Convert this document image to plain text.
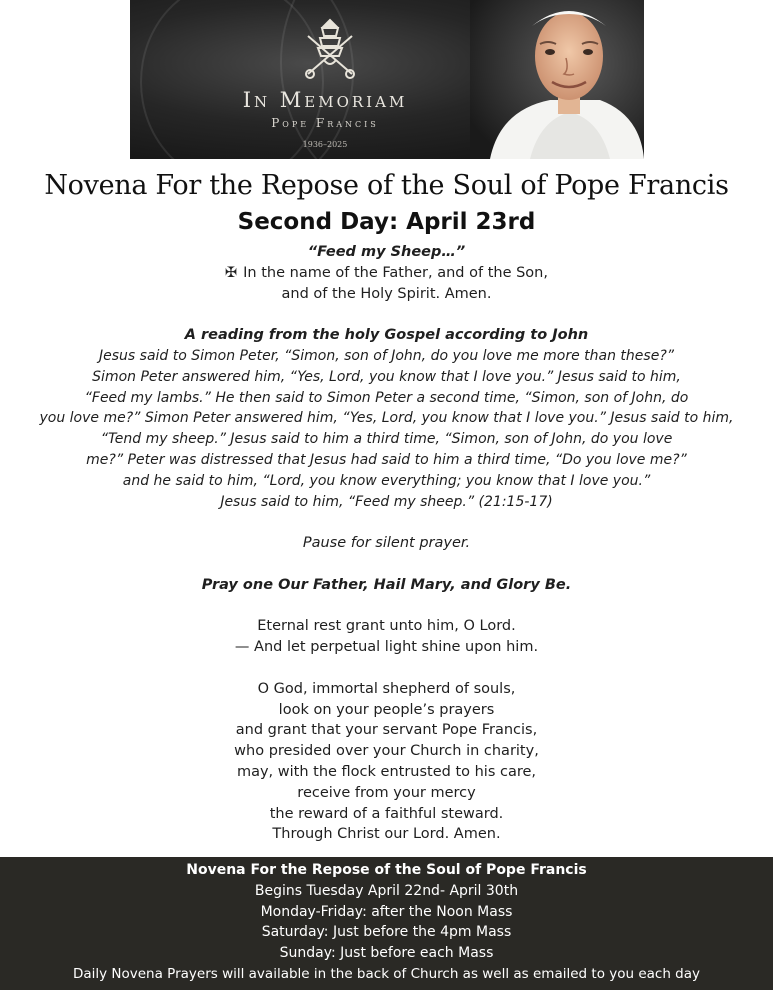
In Memoriam
Pope Francis
1936–2025
Novena For the Repose of the Soul of Pope Francis
Second Day: April 23rd

“Feed my Sheep…”

✠ In the name of the Father, and of the Son,

and of the Holy Spirit. Amen.

A reading from the holy Gospel according to John

Jesus said to Simon Peter, “Simon, son of John, do you love me more than these?”

Simon Peter answered him, “Yes, Lord, you know that I love you.” Jesus said to him,

“Feed my lambs.” He then said to Simon Peter a second time, “Simon, son of John, do

you love me?” Simon Peter answered him, “Yes, Lord, you know that I love you.” Jesus said to him,

“Tend my sheep.” Jesus said to him a third time, “Simon, son of John, do you love

me?” Peter was distressed that Jesus had said to him a third time, “Do you love me?”

and he said to him, “Lord, you know everything; you know that I love you.”

Jesus said to him, “Feed my sheep.” (21:15-17)

Pause for silent prayer.

Pray one Our Father, Hail Mary, and Glory Be.

Eternal rest grant unto him, O Lord.

— And let perpetual light shine upon him.

O God, immortal shepherd of souls,

look on your people’s prayers

and grant that your servant Pope Francis,

who presided over your Church in charity,

may, with the flock entrusted to his care,

receive from your mercy

the reward of a faithful steward.

Through Christ our Lord. Amen.

Novena For the Repose of the Soul of Pope Francis

Begins Tuesday April 22nd- April 30th

Monday-Friday: after the Noon Mass

Saturday: Just before the 4pm Mass

Sunday: Just before each Mass

Daily Novena Prayers will available in the back of Church as well as emailed to you each day
